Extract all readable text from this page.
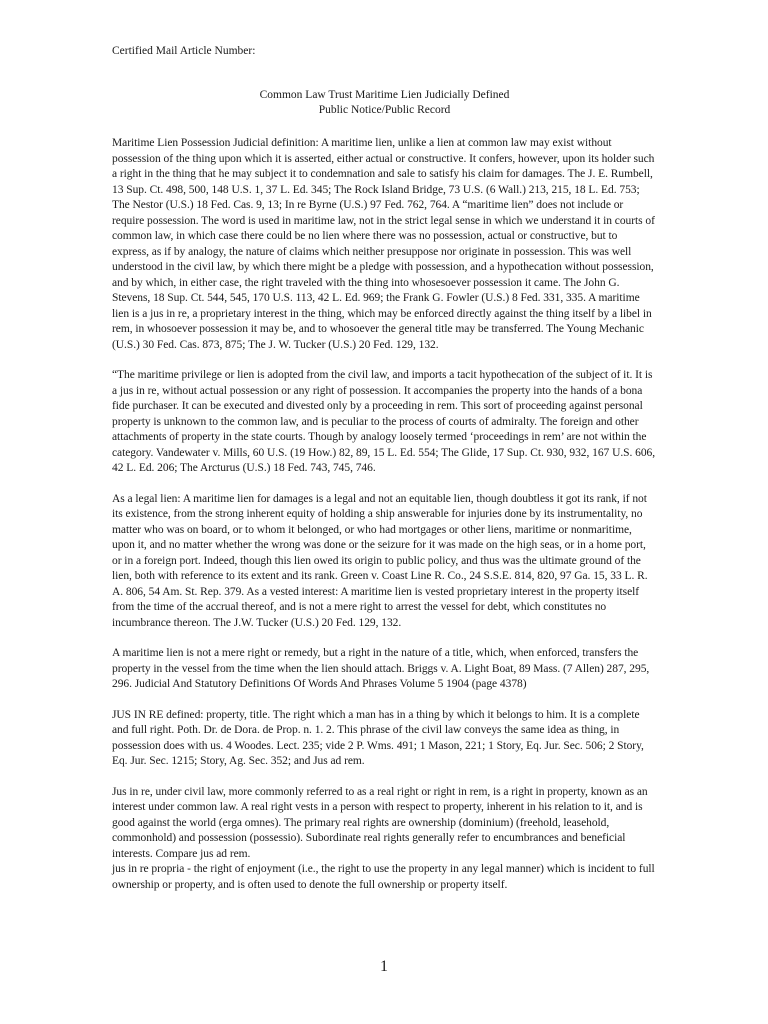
Certified Mail Article Number:
Common Law Trust Maritime Lien Judicially Defined
Public Notice/Public Record

Maritime Lien Possession Judicial definition: A maritime lien, unlike a lien at common law may exist without possession of the thing upon which it is asserted, either actual or constructive. It confers, however, upon its holder such a right in the thing that he may subject it to condemnation and sale to satisfy his claim for damages. The J. E. Rumbell, 13 Sup. Ct. 498, 500, 148 U.S. 1, 37 L. Ed. 345; The Rock Island Bridge, 73 U.S. (6 Wall.) 213, 215, 18 L. Ed. 753; The Nestor (U.S.) 18 Fed. Cas. 9, 13; In re Byrne (U.S.) 97 Fed. 762, 764. A “maritime lien” does not include or require possession. The word is used in maritime law, not in the strict legal sense in which we understand it in courts of common law, in which case there could be no lien where there was no possession, actual or constructive, but to express, as if by analogy, the nature of claims which neither presuppose nor originate in possession. This was well understood in the civil law, by which there might be a pledge with possession, and a hypothecation without possession, and by which, in either case, the right traveled with the thing into whosesoever possession it came. The John G. Stevens, 18 Sup. Ct. 544, 545, 170 U.S. 113, 42 L. Ed. 969; the Frank G. Fowler (U.S.) 8 Fed. 331, 335. A maritime lien is a jus in re, a proprietary interest in the thing, which may be enforced directly against the thing itself by a libel in rem, in whosoever possession it may be, and to whosoever the general title may be transferred. The Young Mechanic (U.S.) 30 Fed. Cas. 873, 875; The J. W. Tucker (U.S.) 20 Fed. 129, 132.

“The maritime privilege or lien is adopted from the civil law, and imports a tacit hypothecation of the subject of it. It is a jus in re, without actual possession or any right of possession. It accompanies the property into the hands of a bona fide purchaser. It can be executed and divested only by a proceeding in rem. This sort of proceeding against personal property is unknown to the common law, and is peculiar to the process of courts of admiralty. The foreign and other attachments of property in the state courts. Though by analogy loosely termed ‘proceedings in rem’ are not within the category. Vandewater v. Mills, 60 U.S. (19 How.) 82, 89, 15 L. Ed. 554; The Glide, 17 Sup. Ct. 930, 932, 167 U.S. 606, 42 L. Ed. 206; The Arcturus (U.S.) 18 Fed. 743, 745, 746.

As a legal lien: A maritime lien for damages is a legal and not an equitable lien, though doubtless it got its rank, if not its existence, from the strong inherent equity of holding a ship answerable for injuries done by its instrumentality, no matter who was on board, or to whom it belonged, or who had mortgages or other liens, maritime or nonmaritime, upon it, and no matter whether the wrong was done or the seizure for it was made on the high seas, or in a home port, or in a foreign port. Indeed, though this lien owed its origin to public policy, and thus was the ultimate ground of the lien, both with reference to its extent and its rank. Green v. Coast Line R. Co., 24 S.S.E. 814, 820, 97 Ga. 15, 33 L. R. A. 806, 54 Am. St. Rep. 379. As a vested interest: A maritime lien is vested proprietary interest in the property itself from the time of the accrual thereof, and is not a mere right to arrest the vessel for debt, which constitutes no incumbrance thereon. The J.W. Tucker (U.S.) 20 Fed. 129, 132.

A maritime lien is not a mere right or remedy, but a right in the nature of a title, which, when enforced, transfers the property in the vessel from the time when the lien should attach. Briggs v. A. Light Boat, 89 Mass. (7 Allen) 287, 295, 296. Judicial And Statutory Definitions Of Words And Phrases Volume 5 1904 (page 4378)

JUS IN RE defined: property, title. The right which a man has in a thing by which it belongs to him. It is a complete and full right. Poth. Dr. de Dora. de Prop. n. 1. 2. This phrase of the civil law conveys the same idea as thing, in possession does with us. 4 Woodes. Lect. 235; vide 2 P. Wms. 491; 1 Mason, 221; 1 Story, Eq. Jur. Sec. 506; 2 Story, Eq. Jur. Sec. 1215; Story, Ag. Sec. 352; and Jus ad rem.

Jus in re, under civil law, more commonly referred to as a real right or right in rem, is a right in property, known as an interest under common law. A real right vests in a person with respect to property, inherent in his relation to it, and is good against the world (erga omnes). The primary real rights are ownership (dominium) (freehold, leasehold, commonhold) and possession (possessio). Subordinate real rights generally refer to encumbrances and beneficial interests. Compare jus ad rem.

jus in re propria - the right of enjoyment (i.e., the right to use the property in any legal manner) which is incident to full ownership or property, and is often used to denote the full ownership or property itself.

1
